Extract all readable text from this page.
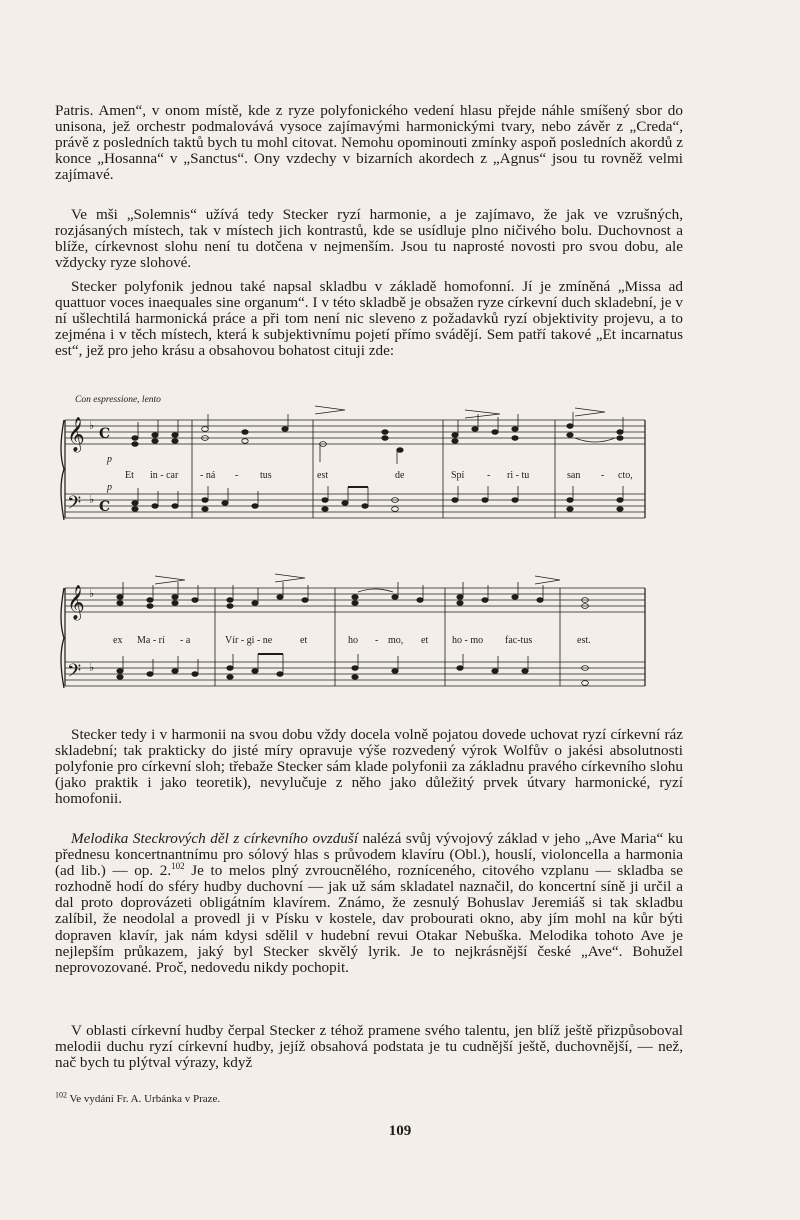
Patris. Amen“, v onom místě, kde z ryze polyfonického vedení hlasu přejde náhle smíšený sbor do unisona, jež orchestr podmalovává vysoce zajímavými harmonickými tvary, nebo závěr z „Creda“, právě z posledních taktů bych tu mohl citovat. Nemohu opominouti zmínky aspoň posledních akordů z konce „Hosanna“ v „Sanctus“. Ony vzdechy v bizarních akordech z „Agnus“ jsou tu rovněž velmi zajímavé.

Ve mši „Solemnis“ užívá tedy Stecker ryzí harmonie, a je zajímavo, že jak ve vzrušných, rozjásaných místech, tak v místech jich kontrastů, kde se usídluje plno ničivého bolu. Duchovnost a blíže, církevnost slohu není tu dotčena v nejmenším. Jsou tu naprosté novosti pro svou dobu, ale vždycky ryze slohové.

Stecker polyfonik jednou také napsal skladbu v základě homofonní. Jí je zmíněná „Missa ad quattuor voces inaequales sine organum“. I v této skladbě je obsažen ryze církevní duch skladební, je v ní ušlechtilá harmonická práce a při tom není nic sleveno z požadavků ryzí objektivity projevu, a to zejména i v těch místech, která k subjektivnímu pojetí přímo svádějí. Sem patří takové „Et incarnatus est“, jež pro jeho krásu a obsahovou bohatost cituji zde:

Con espressione, lento
𝄞
𝄢
♭
♭
C
C
p
p
Et in - car - ná - tus	est	de	Spí - ri - tu	san - cto,
𝄞
𝄢
♭
♭
ex Ma - rí - a	Vír - gi - ne	et	ho - mo, et ho - mo fac-tus	est.

Stecker tedy i v harmonii na svou dobu vždy docela volně pojatou dovede uchovat ryzí církevní ráz skladební; tak prakticky do jisté míry opravuje výše rozvedený výrok Wolfův o jakési absolutnosti polyfonie pro církevní sloh; třebaže Stecker sám klade polyfonii za základnu pravého církevního slohu (jako praktik i jako teoretik), nevylučuje z něho jako důležitý prvek útvary harmonické, ryzí homofonii.

Melodika Steckrových děl z církevního ovzduší nalézá svůj vývojový základ v jeho „Ave Maria“ ku přednesu koncertnantnímu pro sólový hlas s průvodem klavíru (Obl.), houslí, violoncella a harmonia (ad lib.) — op. 2.$^{102}$ Je to melos plný zvroucnělého, rozníceného, citového vzplanu — skladba se rozhodně hodí do sféry hudby duchovní — jak už sám skladatel naznačil, do koncertní síně ji určil a dal proto doprovázeti obligátním klavírem. Známo, že zesnulý Bohuslav Jeremiáš si tak skladbu zalíbil, že neodolal a provedl ji v Písku v kostele, dav probourati okno, aby jím mohl na kůr býti dopraven klavír, jak nám kdysi sdělil v hudební revui Otakar Nebuška. Melodika tohoto Ave je nejlepším průkazem, jaký byl Stecker skvělý lyrik. Je to nejkrásnější české „Ave“. Bohužel neprovozované. Proč, nedovedu nikdy pochopit.

V oblasti církevní hudby čerpal Stecker z téhož pramene svého talentu, jen blíž ještě přizpůsoboval melodii duchu ryzí církevní hudby, jejíž obsahová podstata je tu cudnější ještě, duchovnější, — než, nač bych tu plýtval výrazy, když

$^{102}$ Ve vydání Fr. A. Urbánka v Praze.
109
